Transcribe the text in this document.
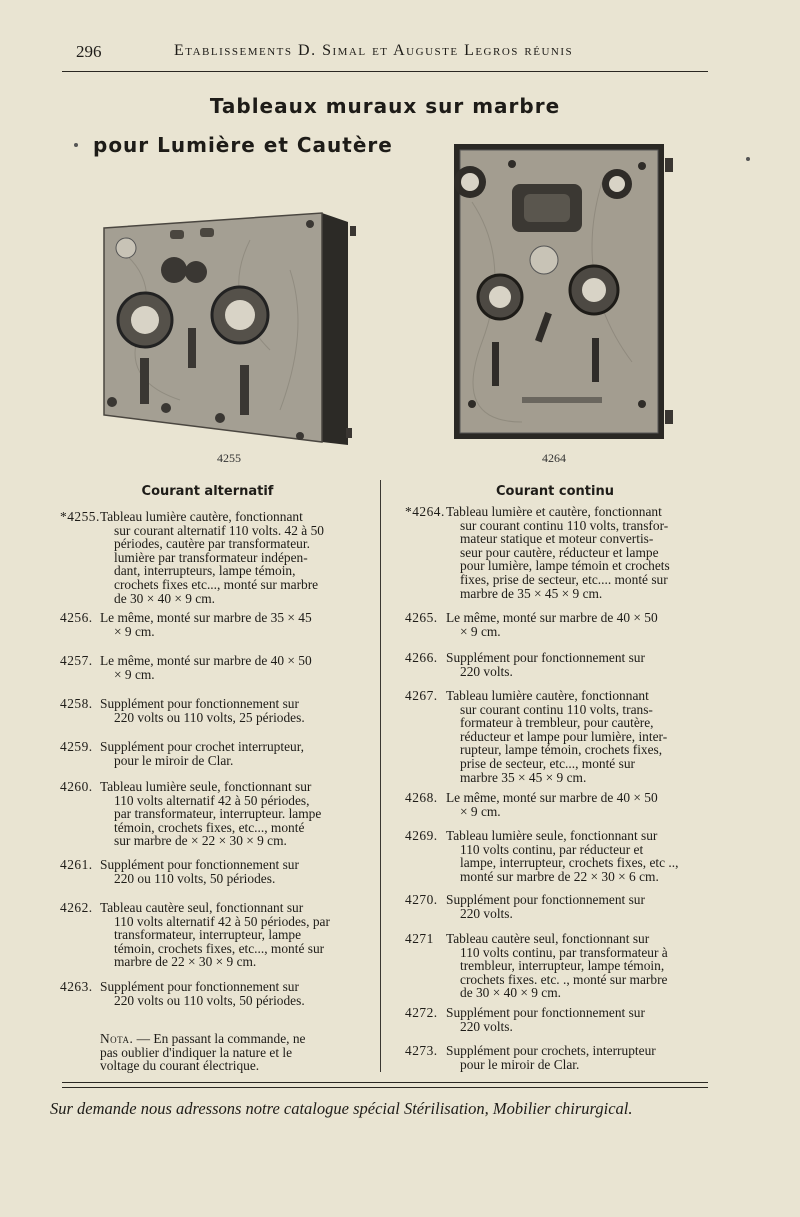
296	Etablissements D. Simal et Auguste Legros réunis
Tableaux muraux sur marbre
pour Lumière et Cautère
4255	4264
Courant alternatif	Courant continu
*4255. Tableau lumière cautère, fonctionnant
sur courant alternatif 110 volts. 42 à 50
périodes, cautère par transformateur.
lumière par transformateur indépen-
dant, interrupteurs, lampe témoin,
crochets fixes etc..., monté sur marbre
de 30 × 40 × 9 cm.
4256. Le même, monté sur marbre de 35 × 45
× 9 cm.
4257. Le même, monté sur marbre de 40 × 50
× 9 cm.
4258. Supplément pour fonctionnement sur
220 volts ou 110 volts, 25 périodes.
4259. Supplément pour crochet interrupteur,
pour le miroir de Clar.
4260. Tableau lumière seule, fonctionnant sur
110 volts alternatif 42 à 50 périodes,
par transformateur, interrupteur. lampe
témoin, crochets fixes, etc..., monté
sur marbre de × 22 × 30 × 9 cm.
4261. Supplément pour fonctionnement sur
220 ou 110 volts, 50 périodes.
4262. Tableau cautère seul, fonctionnant sur
110 volts alternatif 42 à 50 périodes, par
transformateur, interrupteur, lampe
témoin, crochets fixes, etc..., monté sur
marbre de 22 × 30 × 9 cm.
4263. Supplément pour fonctionnement sur
220 volts ou 110 volts, 50 périodes.
Nota. — En passant la commande, ne
pas oublier d'indiquer la nature et le
voltage du courant électrique.
*4264. Tableau lumière et cautère, fonctionnant
sur courant continu 110 volts, transfor-
mateur statique et moteur convertis-
seur pour cautère, réducteur et lampe
pour lumière, lampe témoin et crochets
fixes, prise de secteur, etc.... monté sur
marbre de 35 × 45 × 9 cm.
4265. Le même, monté sur marbre de 40 × 50
× 9 cm.
4266. Supplément pour fonctionnement sur
220 volts.
4267. Tableau lumière cautère, fonctionnant
sur courant continu 110 volts, trans-
formateur à trembleur, pour cautère,
réducteur et lampe pour lumière, inter-
rupteur, lampe témoin, crochets fixes,
prise de secteur, etc..., monté sur
marbre 35 × 45 × 9 cm.
4268. Le même, monté sur marbre de 40 × 50
× 9 cm.
4269. Tableau lumière seule, fonctionnant sur
110 volts continu, par réducteur et
lampe, interrupteur, crochets fixes, etc ..,
monté sur marbre de 22 × 30 × 6 cm.
4270. Supplément pour fonctionnement sur
220 volts.
4271 Tableau cautère seul, fonctionnant sur
110 volts continu, par transformateur à
trembleur, interrupteur, lampe témoin,
crochets fixes. etc. ., monté sur marbre
de 30 × 40 × 9 cm.
4272. Supplément pour fonctionnement sur
220 volts.
4273. Supplément pour crochets, interrupteur
pour le miroir de Clar.
Sur demande nous adressons notre catalogue spécial Stérilisation, Mobilier chirurgical.
